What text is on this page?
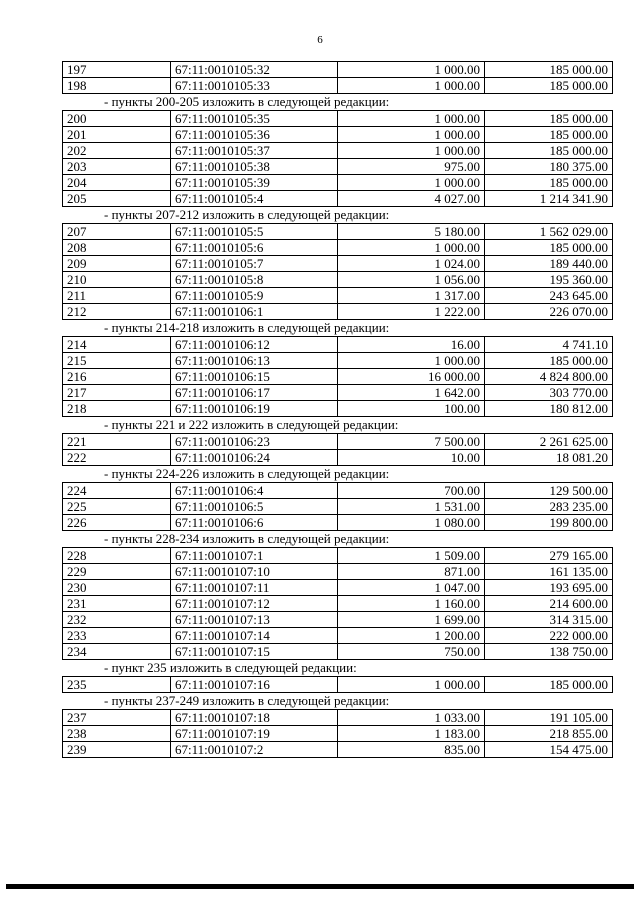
6
197	67:11:0010105:32	1 000.00	185 000.00
198	67:11:0010105:33	1 000.00	185 000.00
- пункты 200-205 изложить в следующей редакции:
200	67:11:0010105:35	1 000.00	185 000.00
201	67:11:0010105:36	1 000.00	185 000.00
202	67:11:0010105:37	1 000.00	185 000.00
203	67:11:0010105:38	975.00	180 375.00
204	67:11:0010105:39	1 000.00	185 000.00
205	67:11:0010105:4	4 027.00	1 214 341.90
- пункты 207-212 изложить в следующей редакции:
207	67:11:0010105:5	5 180.00	1 562 029.00
208	67:11:0010105:6	1 000.00	185 000.00
209	67:11:0010105:7	1 024.00	189 440.00
210	67:11:0010105:8	1 056.00	195 360.00
211	67:11:0010105:9	1 317.00	243 645.00
212	67:11:0010106:1	1 222.00	226 070.00
- пункты 214-218 изложить в следующей редакции:
214	67:11:0010106:12	16.00	4 741.10
215	67:11:0010106:13	1 000.00	185 000.00
216	67:11:0010106:15	16 000.00	4 824 800.00
217	67:11:0010106:17	1 642.00	303 770.00
218	67:11:0010106:19	100.00	180 812.00
- пункты 221 и 222 изложить в следующей редакции:
221	67:11:0010106:23	7 500.00	2 261 625.00
222	67:11:0010106:24	10.00	18 081.20
- пункты 224-226 изложить в следующей редакции:
224	67:11:0010106:4	700.00	129 500.00
225	67:11:0010106:5	1 531.00	283 235.00
226	67:11:0010106:6	1 080.00	199 800.00
- пункты 228-234 изложить в следующей редакции:
228	67:11:0010107:1	1 509.00	279 165.00
229	67:11:0010107:10	871.00	161 135.00
230	67:11:0010107:11	1 047.00	193 695.00
231	67:11:0010107:12	1 160.00	214 600.00
232	67:11:0010107:13	1 699.00	314 315.00
233	67:11:0010107:14	1 200.00	222 000.00
234	67:11:0010107:15	750.00	138 750.00
- пункт 235 изложить в следующей редакции:
235	67:11:0010107:16	1 000.00	185 000.00
- пункты 237-249 изложить в следующей редакции:
237	67:11:0010107:18	1 033.00	191 105.00
238	67:11:0010107:19	1 183.00	218 855.00
239	67:11:0010107:2	835.00	154 475.00
